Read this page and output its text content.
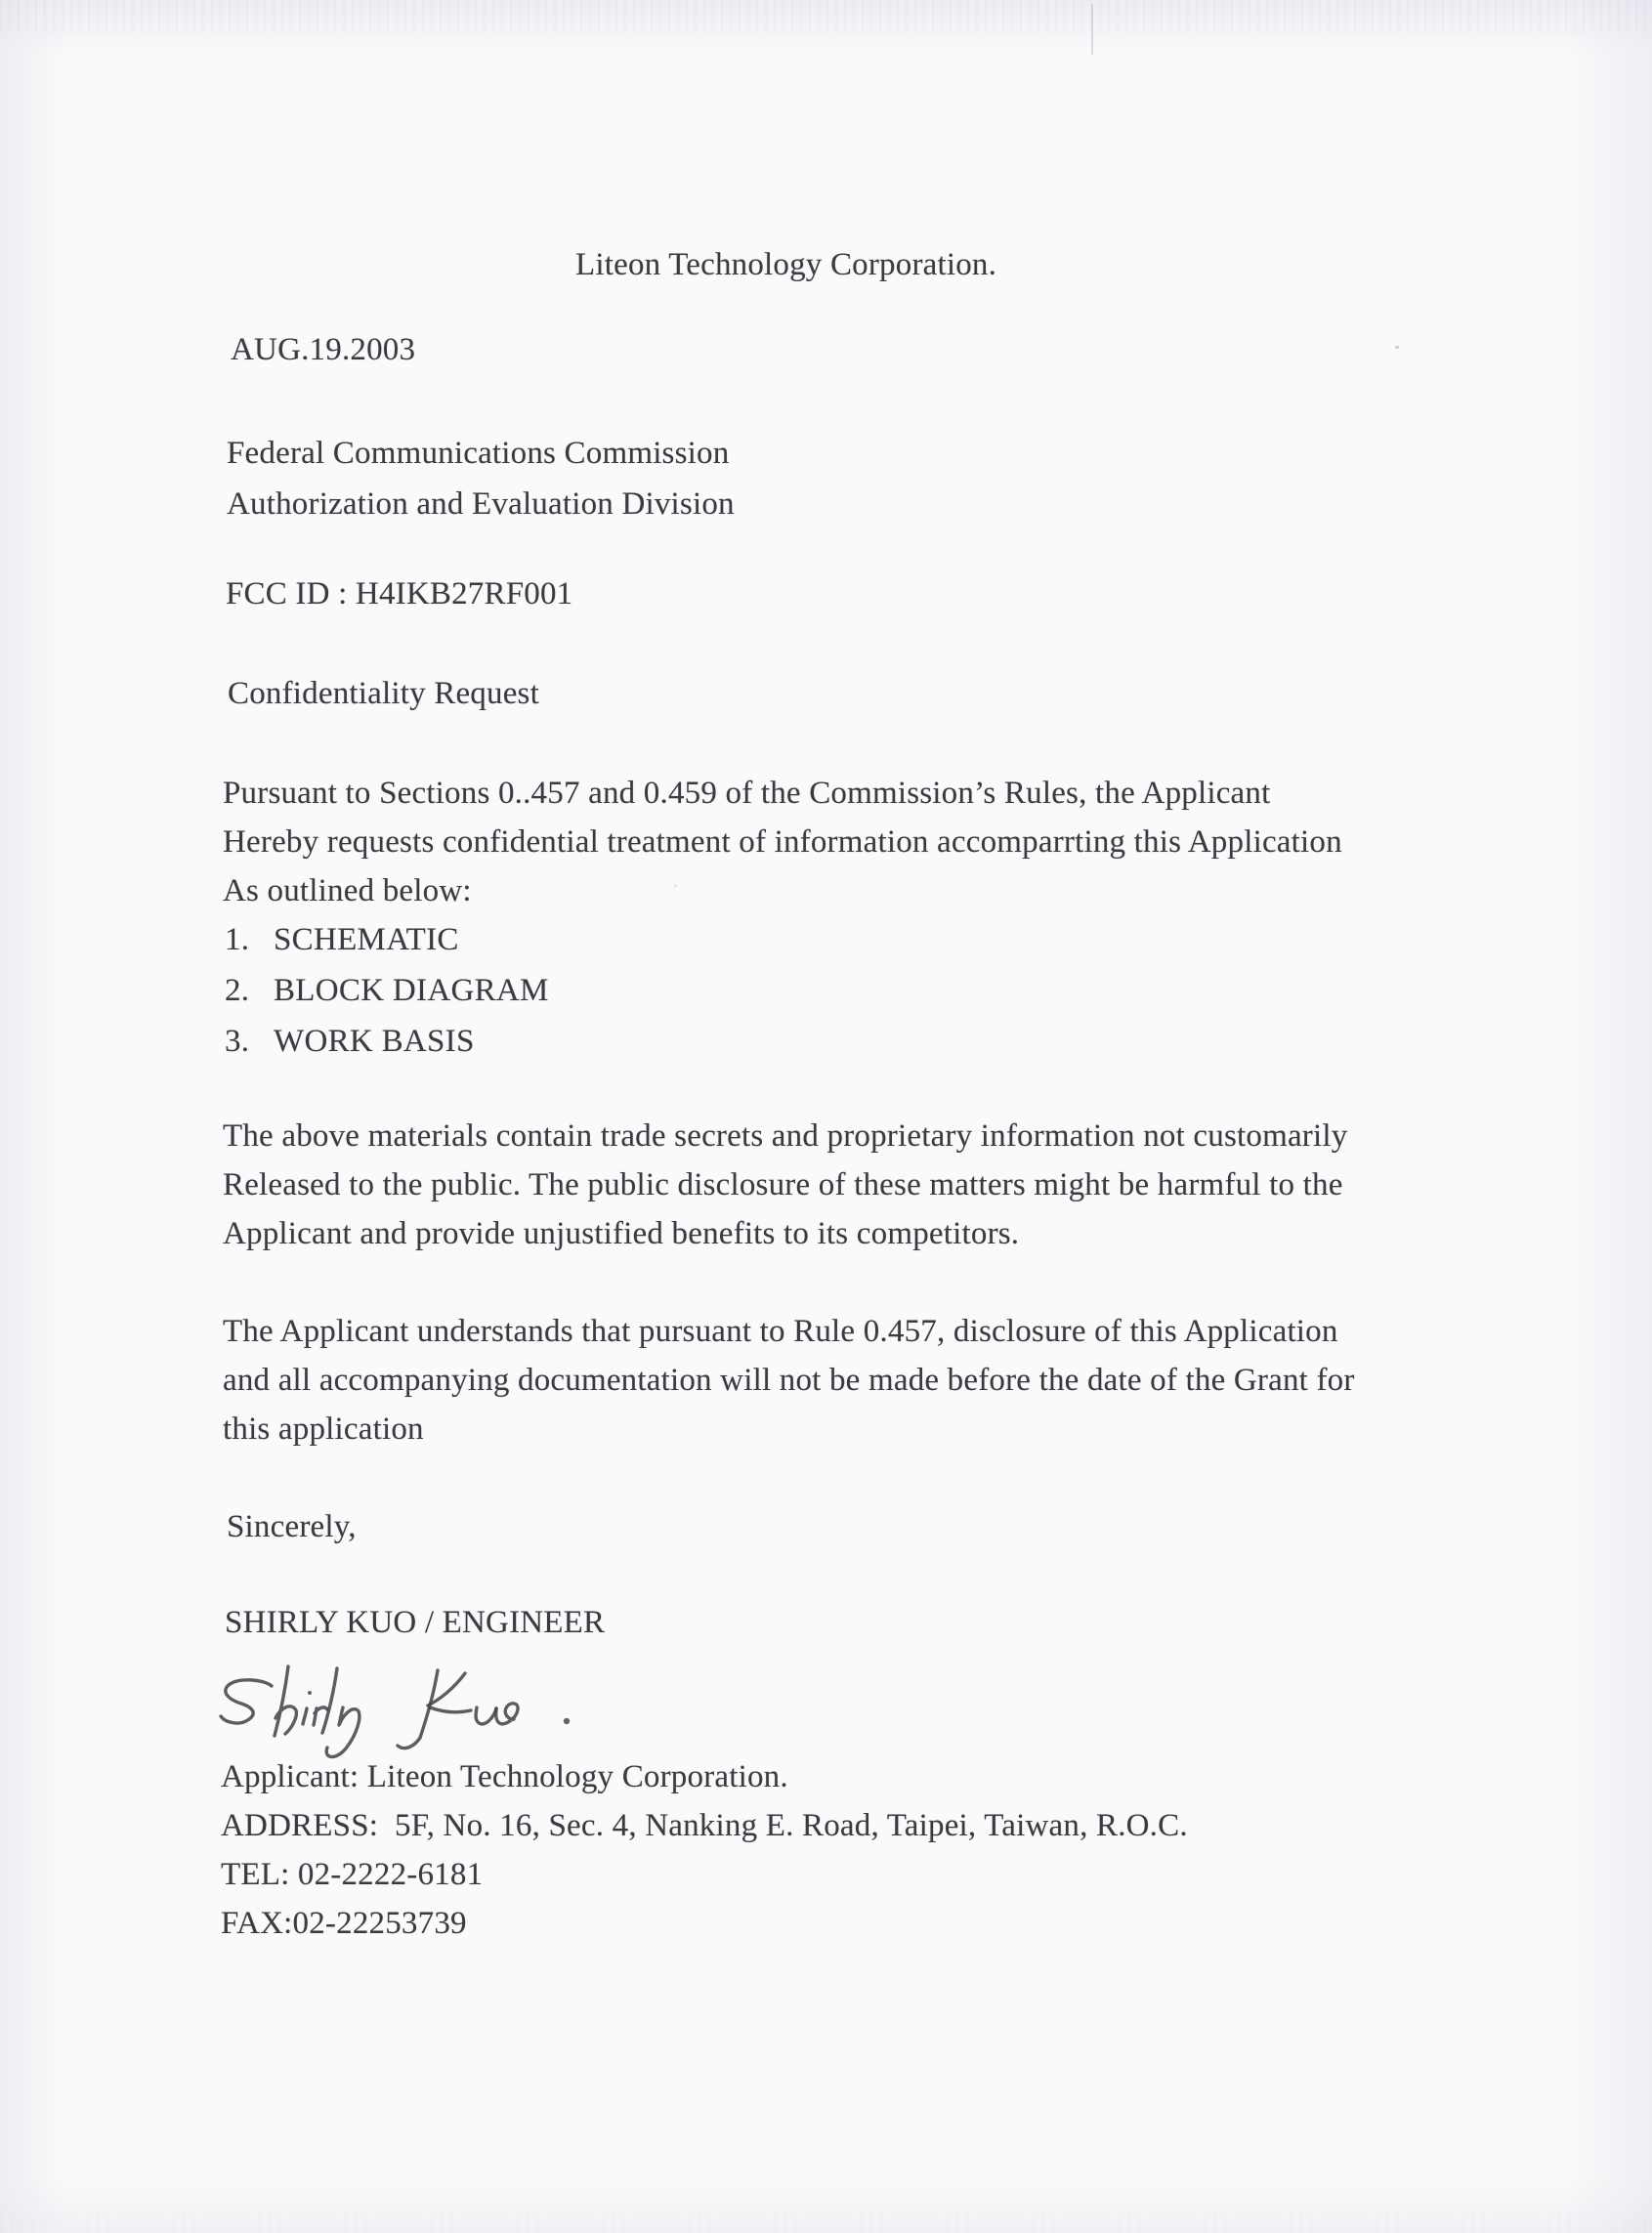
Liteon Technology Corporation.
AUG.19.2003
Federal Communications Commission
Authorization and Evaluation Division
FCC ID : H4IKB27RF001
Confidentiality Request
Pursuant to Sections 0..457 and 0.459 of the Commission’s Rules, the Applicant
Hereby requests confidential treatment of information accomparrting this Application
As outlined below:
1. SCHEMATIC
2. BLOCK DIAGRAM
3. WORK BASIS
The above materials contain trade secrets and proprietary information not customarily
Released to the public. The public disclosure of these matters might be harmful to the
Applicant and provide unjustified benefits to its competitors.
The Applicant understands that pursuant to Rule 0.457, disclosure of this Application
and all accompanying documentation will not be made before the date of the Grant for
this application
Sincerely,
SHIRLY KUO / ENGINEER
Applicant: Liteon Technology Corporation.
ADDRESS:  5F, No. 16, Sec. 4, Nanking E. Road, Taipei, Taiwan, R.O.C.
TEL: 02-2222-6181
FAX:02-22253739
